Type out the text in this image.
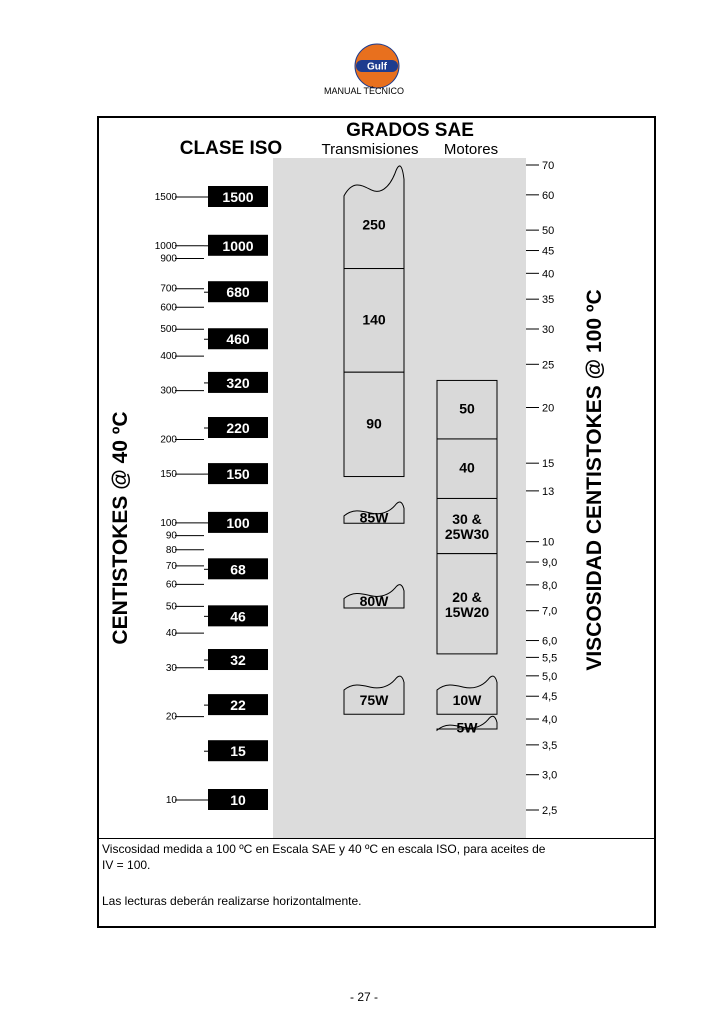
Gulf
MANUAL TÉCNICO
1500
1000
900
700
600
500
400
300
200
150
100
90
80
70
60
50
40
30
20
10
70
60
50
45
40
35
30
25
20
15
13
10
9,0
8,0
7,0
6,0
5,5
5,0
4,5
4,0
3,5
3,0
2,5
1500
1000
680
460
320
220
150
100
68
46
32
22
15
10
250
140
90
85W
80W
75W
50
40
30 &
25W30
20 &
15W20
10W
5W
CLASE ISO
GRADOS SAE
Transmisiones Motores
CENTISTOKES @ 40 ºC	VISCOSIDAD CENTISTOKES @ 100 ºC
Viscosidad medida a 100 ºC en Escala SAE y 40 ºC en escala ISO, para aceites de
IV = 100.
Las lecturas deberán realizarse horizontalmente.
- 27 -
